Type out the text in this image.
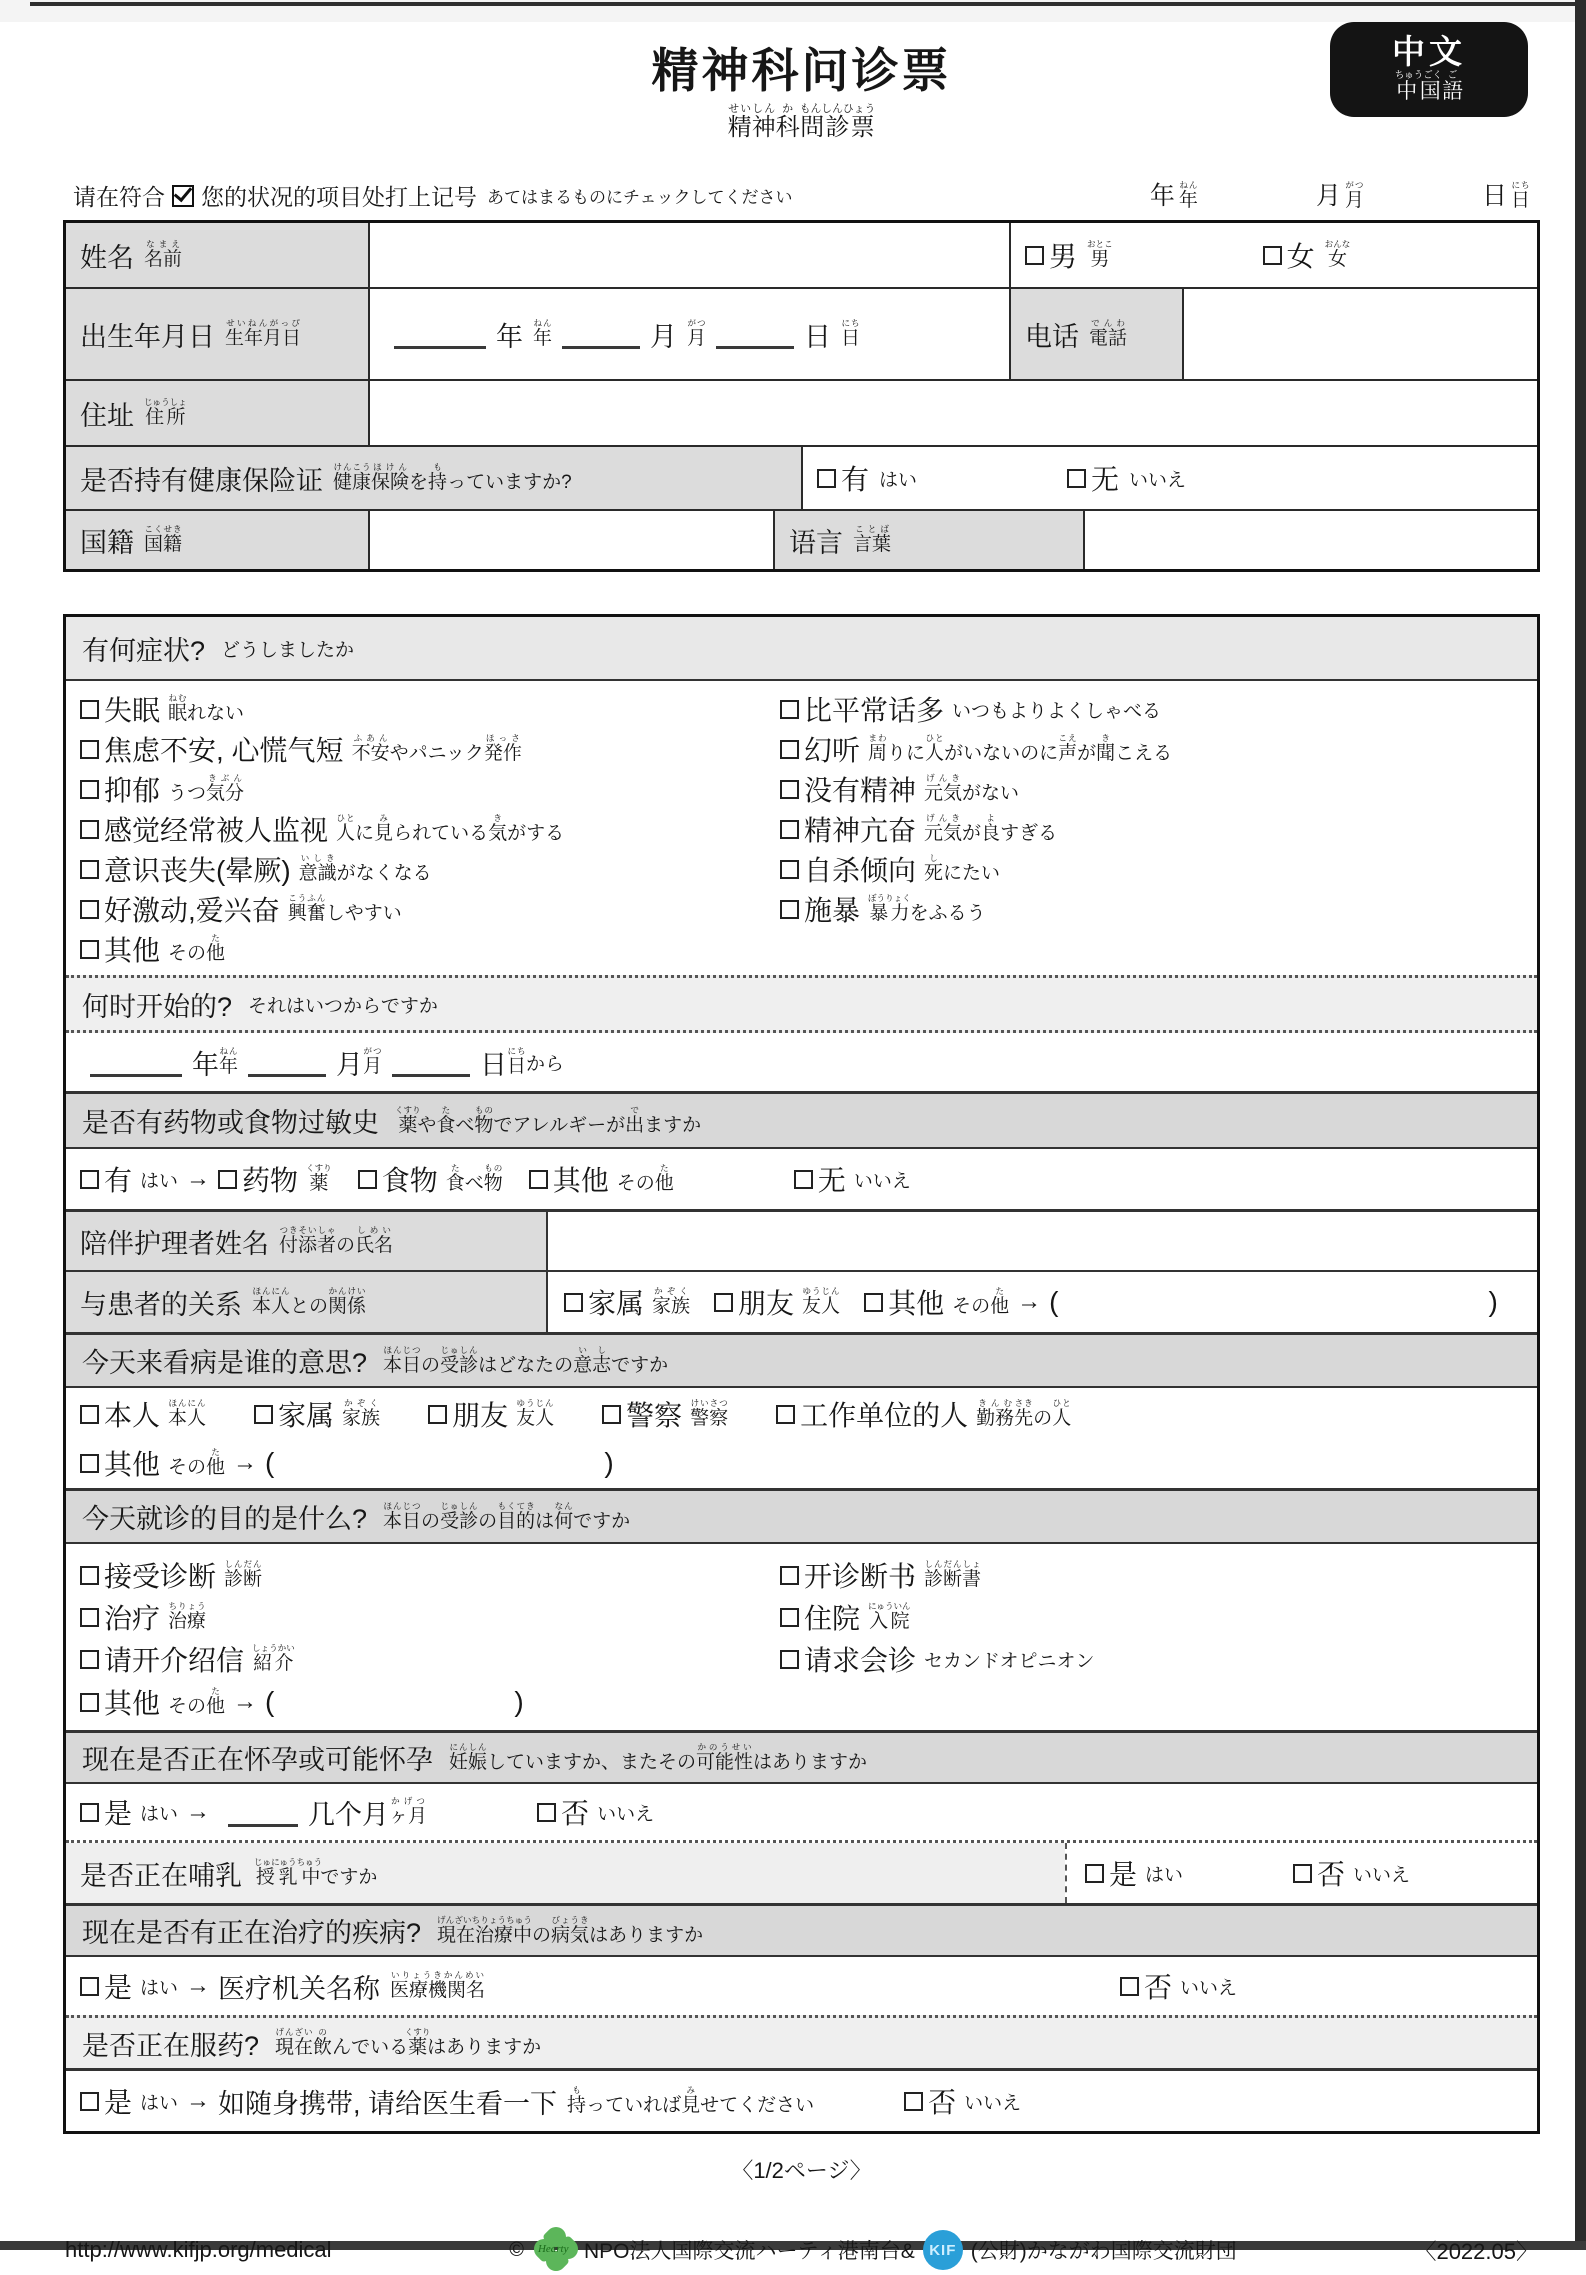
精神科问诊票
精神せいしん科か問診票もんしんひょう
中文
中国ちゅうごく語ご
请在符合 您的状况的项目处打上记号 あてはまるものにチェックしてください	年 年ねん	月 月がつ	日 日にち
姓名 名前なまえ	男 男おとこ	女 女おんな
出生年月日 生年月日せいねんがっぴ	年 年ねん	月 月がつ	日 日にち	电话 電話でんわ
住址 住所じゅうしょ
是否持有健康保险证 健康けんこう保険ほけんを持もっていますか?	有 はい	无 いいえ
国籍 国籍こくせき	语言 言葉ことば
有何症状? どうしましたか
失眠 眠ねむれない
焦虑不安, 心慌气短 不安ふあんやパニック発作ほっさ
抑郁 うつ気分きぶん
感觉经常被人监视 人ひとに見みられている気きがする
意识丧失(晕厥) 意識いしきがなくなる
好激动,爱兴奋 興奮こうふんしやすい
其他 その他た
比平常话多 いつもよりよくしゃべる
幻听 周まわりに人ひとがいないのに声こえが聞きこえる
没有精神 元気げんきがない
精神亢奋 元気げんきが良よすぎる
自杀倾向 死しにたい
施暴 暴力ぼうりょくをふるう
何时开始的? それはいつからですか
年 年ねん	月 月がつ	日 日にち
から
是否有药物或食物过敏史 薬くすりや食たべ物ものでアレルギーが出でますか
有 はい → 药物 薬くすり 食物 食たべ物もの 其他 その他た	无 いいえ
陪伴护理者姓名 付添者つきそいしゃの氏名しめい
与患者的关系 本人ほんにんとの関係かんけい	家属 家族かぞく 朋友 友人ゆうじん 其他 その他た → (	)
今天来看病是谁的意思? 本日ほんじつの受診じゅしんはどなたの意志いしですか
本人 本人ほんにん	家属 家族かぞく	朋友 友人ゆうじん	警察 警察けいさつ	工作单位的人 勤務きんむ先さきの人ひと
其他 その他た → (	)
今天就诊的目的是什么? 本日ほんじつの受診じゅしんの目的もくてきは何なんですか
接受诊断 診断しんだん
治疗 治療ちりょう
请开介绍信 紹介しょうかい
其他 その他た → (	)
开诊断书 診断書しんだんしょ
住院 入院にゅういん
请求会诊 セカンドオピニオン
现在是否正在怀孕或可能怀孕 妊娠にんしんしていますか、またその可能性かのうせいはありますか
是 はい →	几个月 ヶ月かげつ	否 いいえ
是否正在哺乳 授乳中じゅにゅうちゅうですか	是 はい	否 いいえ
现在是否有正在治疗的疾病? 現在治療中げんざいちりょうちゅうの病気びょうきはありますか
是 はい → 医疗机关名称 医療機関名いりょうきかんめい	否 いいえ
是否正在服药? 現在げんざい飲のんでいる薬くすりはありますか
是 はい → 如随身携带, 请给医生看一下 持もっていれば見みせてください	否 いいえ
〈1/2ページ〉
http://www.kifjp.org/medical	© Hearty NPO法人国際交流ハーティ港南台& KIF (公財)かながわ国際交流財団	〈2022.05〉
